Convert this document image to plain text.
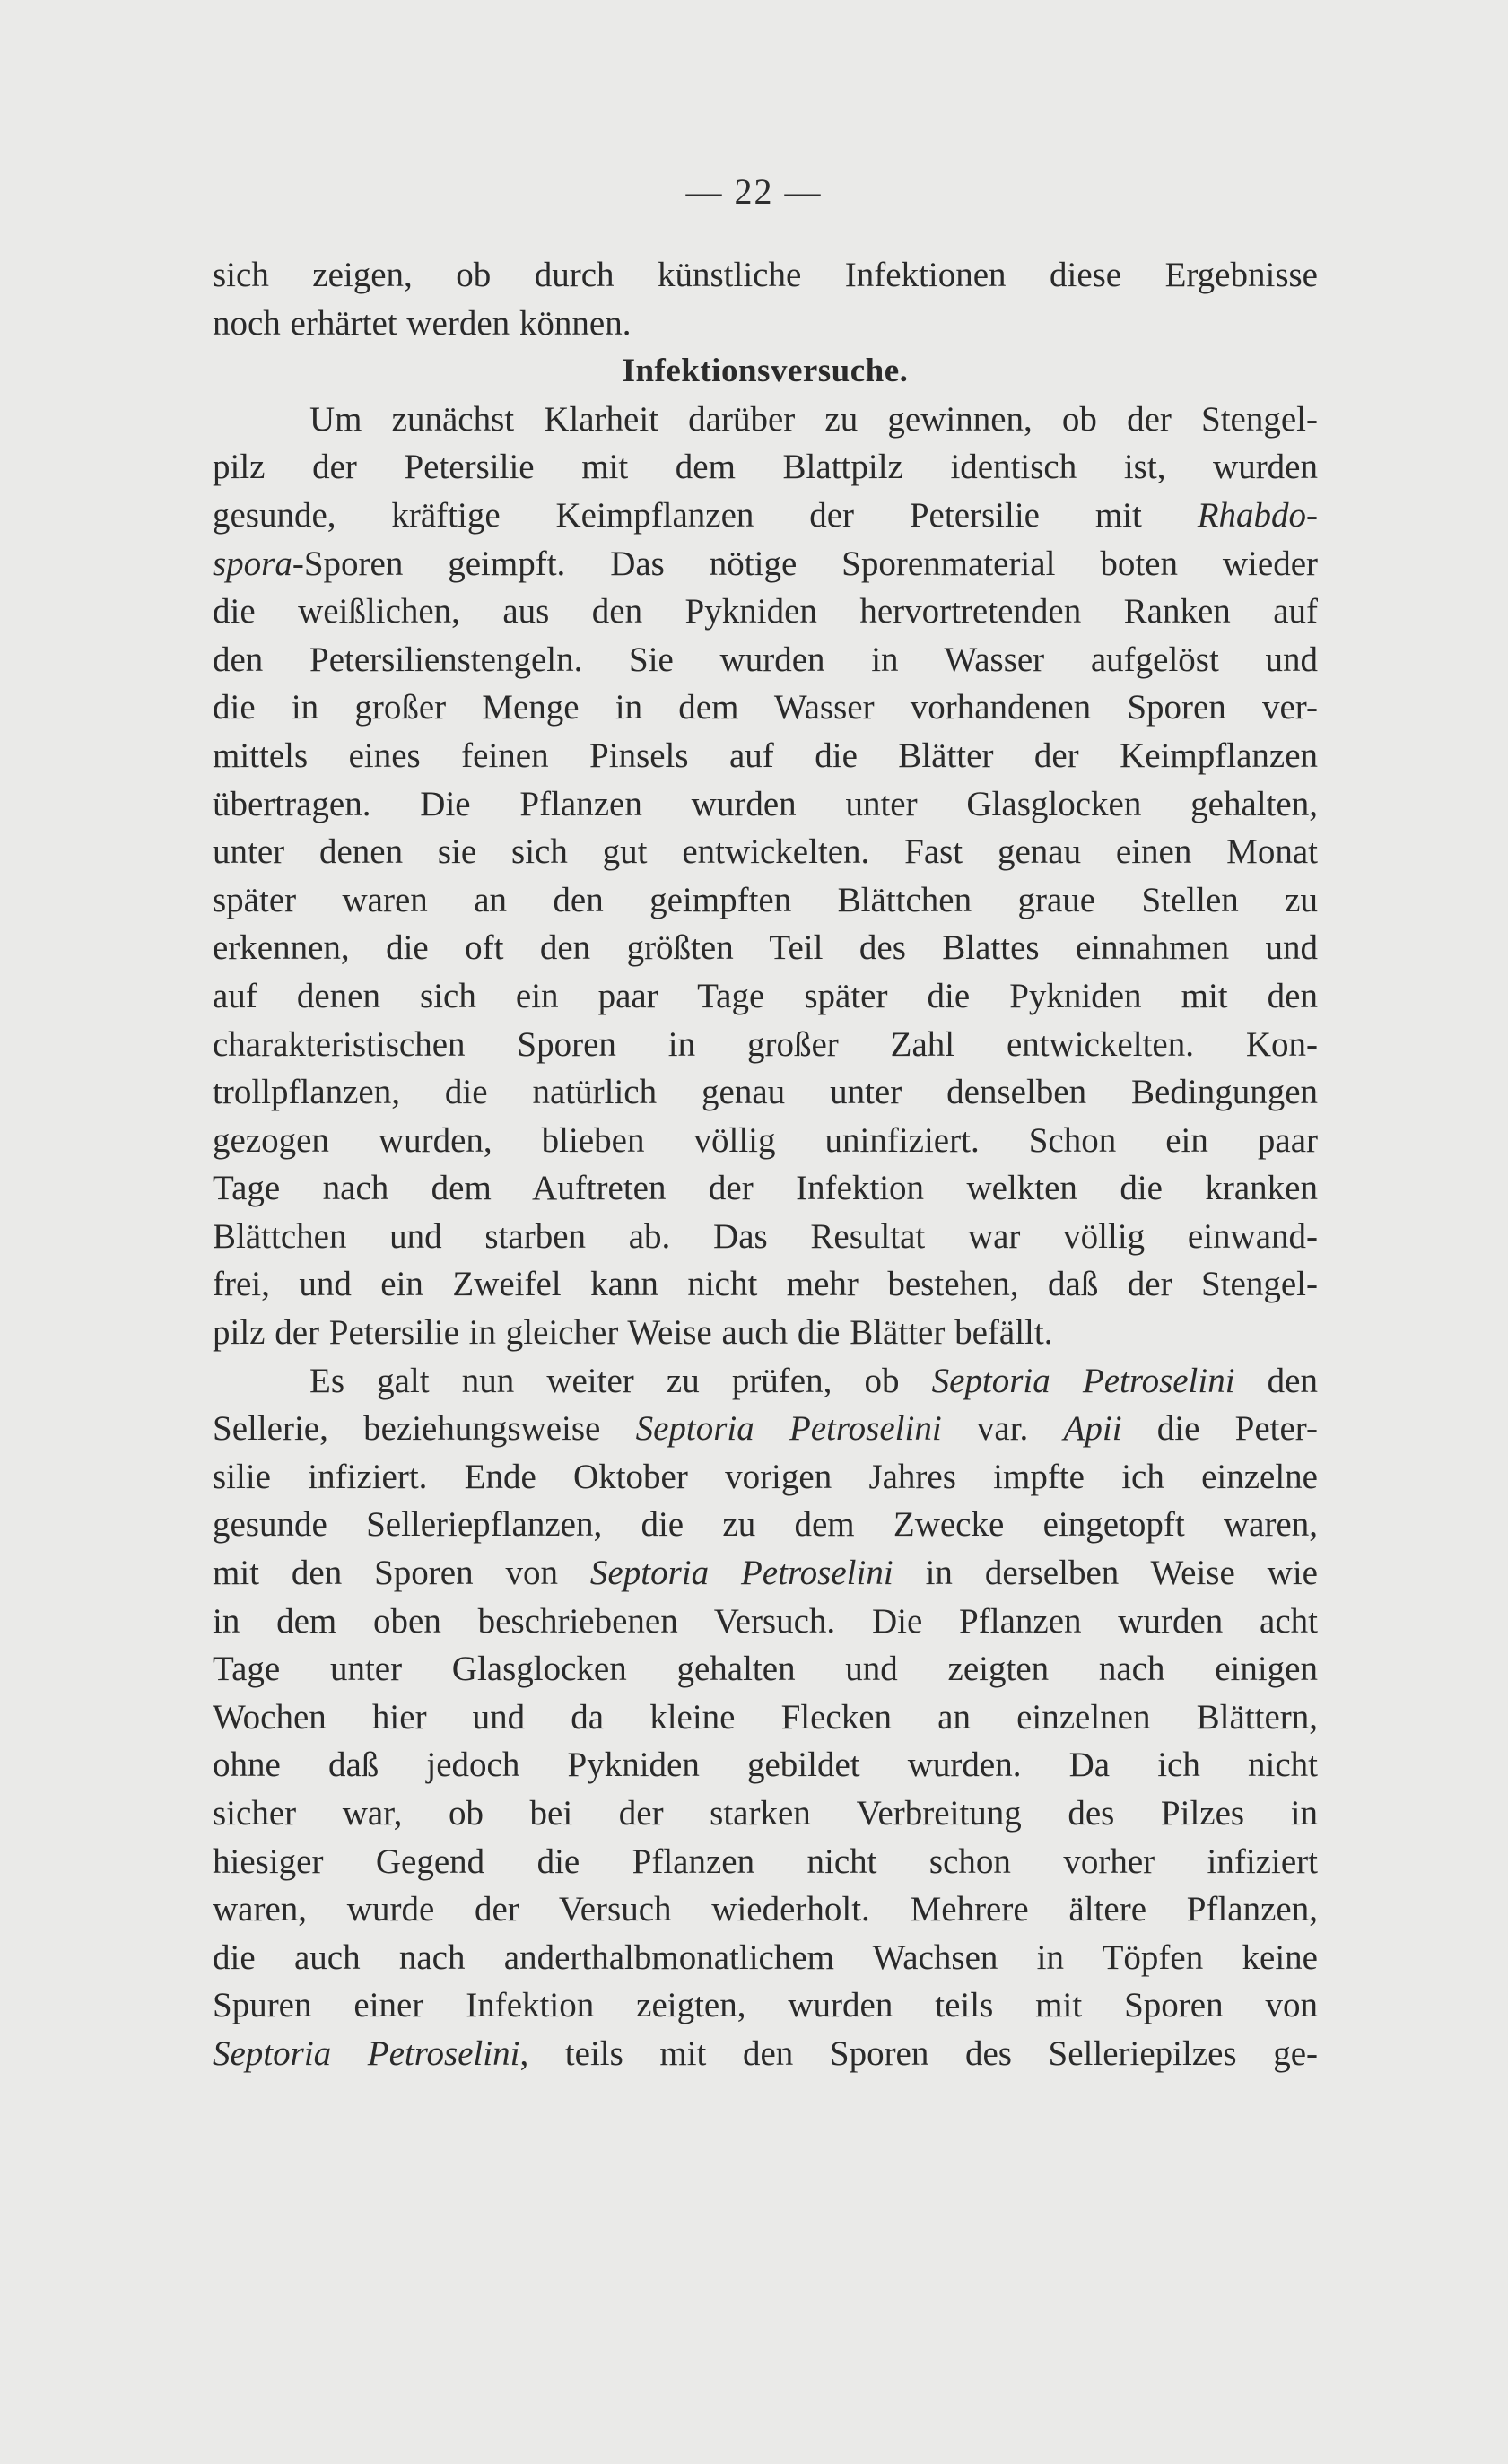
— 22 —
sich zeigen, ob durch künstliche Infektionen diese Ergebnisse
noch erhärtet werden können.
Infektionsversuche.
Um zunächst Klarheit darüber zu gewinnen, ob der Stengel-
pilz der Petersilie mit dem Blattpilz identisch ist, wurden
gesunde, kräftige Keimpflanzen der Petersilie mit Rhabdo-
spora-Sporen geimpft. Das nötige Sporenmaterial boten wieder
die weißlichen, aus den Pykniden hervortretenden Ranken auf
den Petersilienstengeln. Sie wurden in Wasser aufgelöst und
die in großer Menge in dem Wasser vorhandenen Sporen ver-
mittels eines feinen Pinsels auf die Blätter der Keimpflanzen
übertragen. Die Pflanzen wurden unter Glasglocken gehalten,
unter denen sie sich gut entwickelten. Fast genau einen Monat
später waren an den geimpften Blättchen graue Stellen zu
erkennen, die oft den größten Teil des Blattes einnahmen und
auf denen sich ein paar Tage später die Pykniden mit den
charakteristischen Sporen in großer Zahl entwickelten. Kon-
trollpflanzen, die natürlich genau unter denselben Bedingungen
gezogen wurden, blieben völlig uninfiziert. Schon ein paar
Tage nach dem Auftreten der Infektion welkten die kranken
Blättchen und starben ab. Das Resultat war völlig einwand-
frei, und ein Zweifel kann nicht mehr bestehen, daß der Stengel-
pilz der Petersilie in gleicher Weise auch die Blätter befällt.
Es galt nun weiter zu prüfen, ob Septoria Petroselini den
Sellerie, beziehungsweise Septoria Petroselini var. Apii die Peter-
silie infiziert. Ende Oktober vorigen Jahres impfte ich einzelne
gesunde Selleriepflanzen, die zu dem Zwecke eingetopft waren,
mit den Sporen von Septoria Petroselini in derselben Weise wie
in dem oben beschriebenen Versuch. Die Pflanzen wurden acht
Tage unter Glasglocken gehalten und zeigten nach einigen
Wochen hier und da kleine Flecken an einzelnen Blättern,
ohne daß jedoch Pykniden gebildet wurden. Da ich nicht
sicher war, ob bei der starken Verbreitung des Pilzes in
hiesiger Gegend die Pflanzen nicht schon vorher infiziert
waren, wurde der Versuch wiederholt. Mehrere ältere Pflanzen,
die auch nach anderthalbmonatlichem Wachsen in Töpfen keine
Spuren einer Infektion zeigten, wurden teils mit Sporen von
Septoria Petroselini, teils mit den Sporen des Selleriepilzes ge-
